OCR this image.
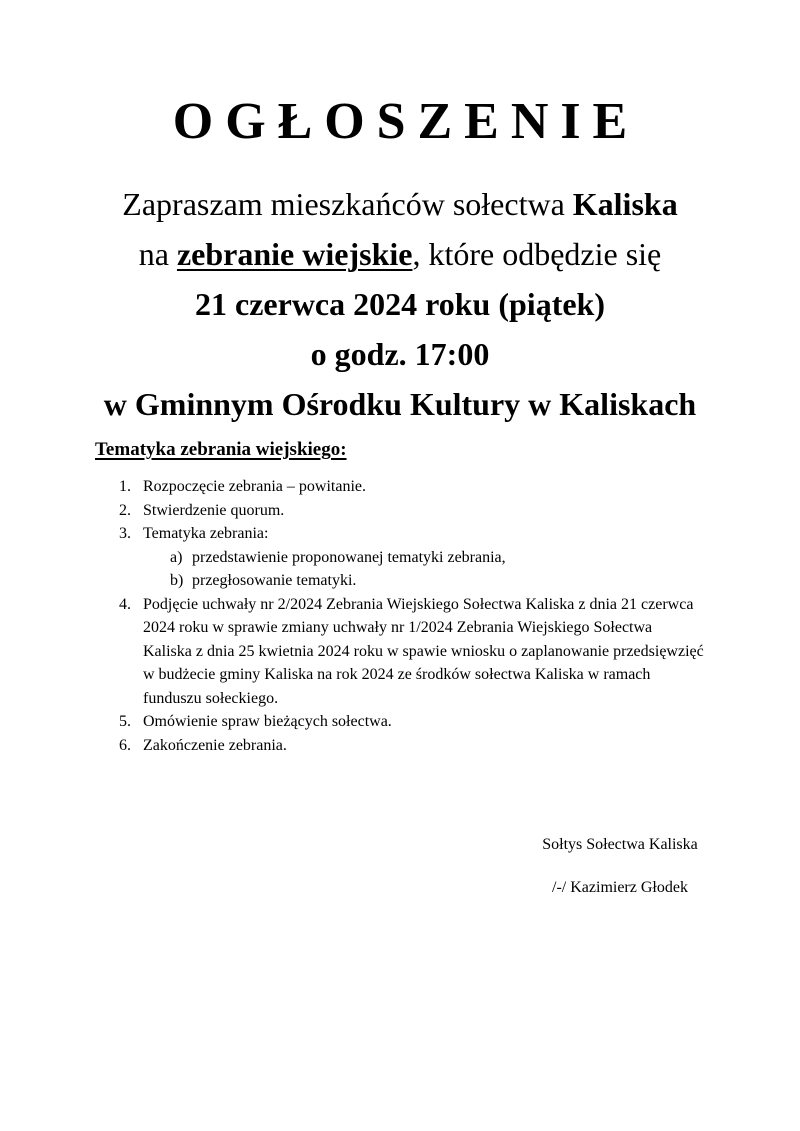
OGŁOSZENIE

Zapraszam mieszkańców sołectwa Kaliska

na zebranie wiejskie, które odbędzie się

21 czerwca 2024 roku (piątek)

o godz. 17:00

w Gminnym Ośrodku Kultury w Kaliskach

Tematyka zebrania wiejskiego:
1. Rozpoczęcie zebrania – powitanie.
2. Stwierdzenie quorum.
3. Tematyka zebrania:
a) przedstawienie proponowanej tematyki zebrania,
b) przegłosowanie tematyki.
4. Podjęcie uchwały nr 2/2024 Zebrania Wiejskiego Sołectwa Kaliska z dnia 21 czerwca 2024 roku w sprawie zmiany uchwały nr 1/2024 Zebrania Wiejskiego Sołectwa Kaliska z dnia 25 kwietnia 2024 roku w spawie wniosku o zaplanowanie przedsięwzięć w budżecie gminy Kaliska na rok 2024 ze środków sołectwa Kaliska w ramach funduszu sołeckiego.
5. Omówienie spraw bieżących sołectwa.
6. Zakończenie zebrania.
Sołtys Sołectwa Kaliska
/-/ Kazimierz Głodek
